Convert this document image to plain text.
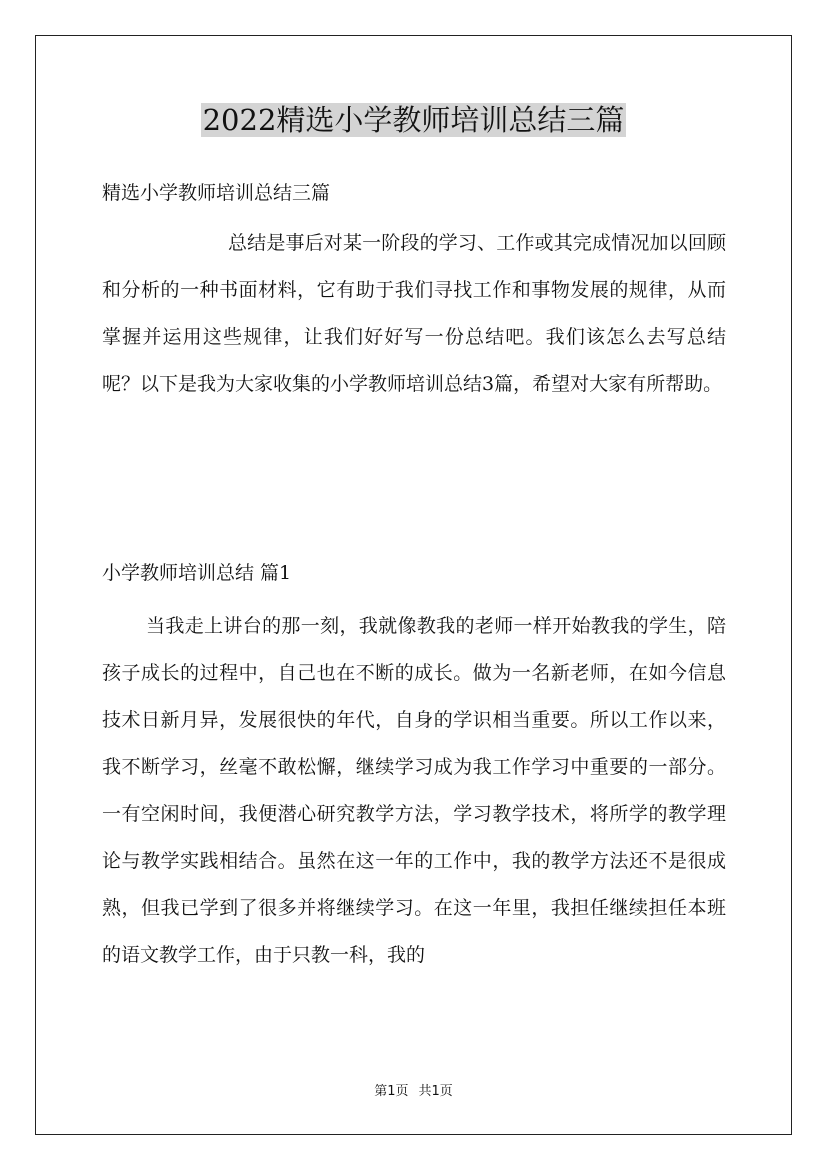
2022精选小学教师培训总结三篇

精选小学教师培训总结三篇

总结是事后对某一阶段的学习、工作或其完成情况加以回顾和分析的一种书面材料，它有助于我们寻找工作和事物发展的规律，从而掌握并运用这些规律，让我们好好写一份总结吧。我们该怎么去写总结呢？以下是我为大家收集的小学教师培训总结3篇，希望对大家有所帮助。

小学教师培训总结 篇1

当我走上讲台的那一刻，我就像教我的老师一样开始教我的学生，陪孩子成长的过程中，自己也在不断的成长。做为一名新老师，在如今信息技术日新月异，发展很快的年代，自身的学识相当重要。所以工作以来，我不断学习，丝毫不敢松懈，继续学习成为我工作学习中重要的一部分。一有空闲时间，我便潜心研究教学方法，学习教学技术，将所学的教学理论与教学实践相结合。虽然在这一年的工作中，我的教学方法还不是很成熟，但我已学到了很多并将继续学习。在这一年里，我担任继续担任本班的语文教学工作，由于只教一科，我的

第1页 共1页
